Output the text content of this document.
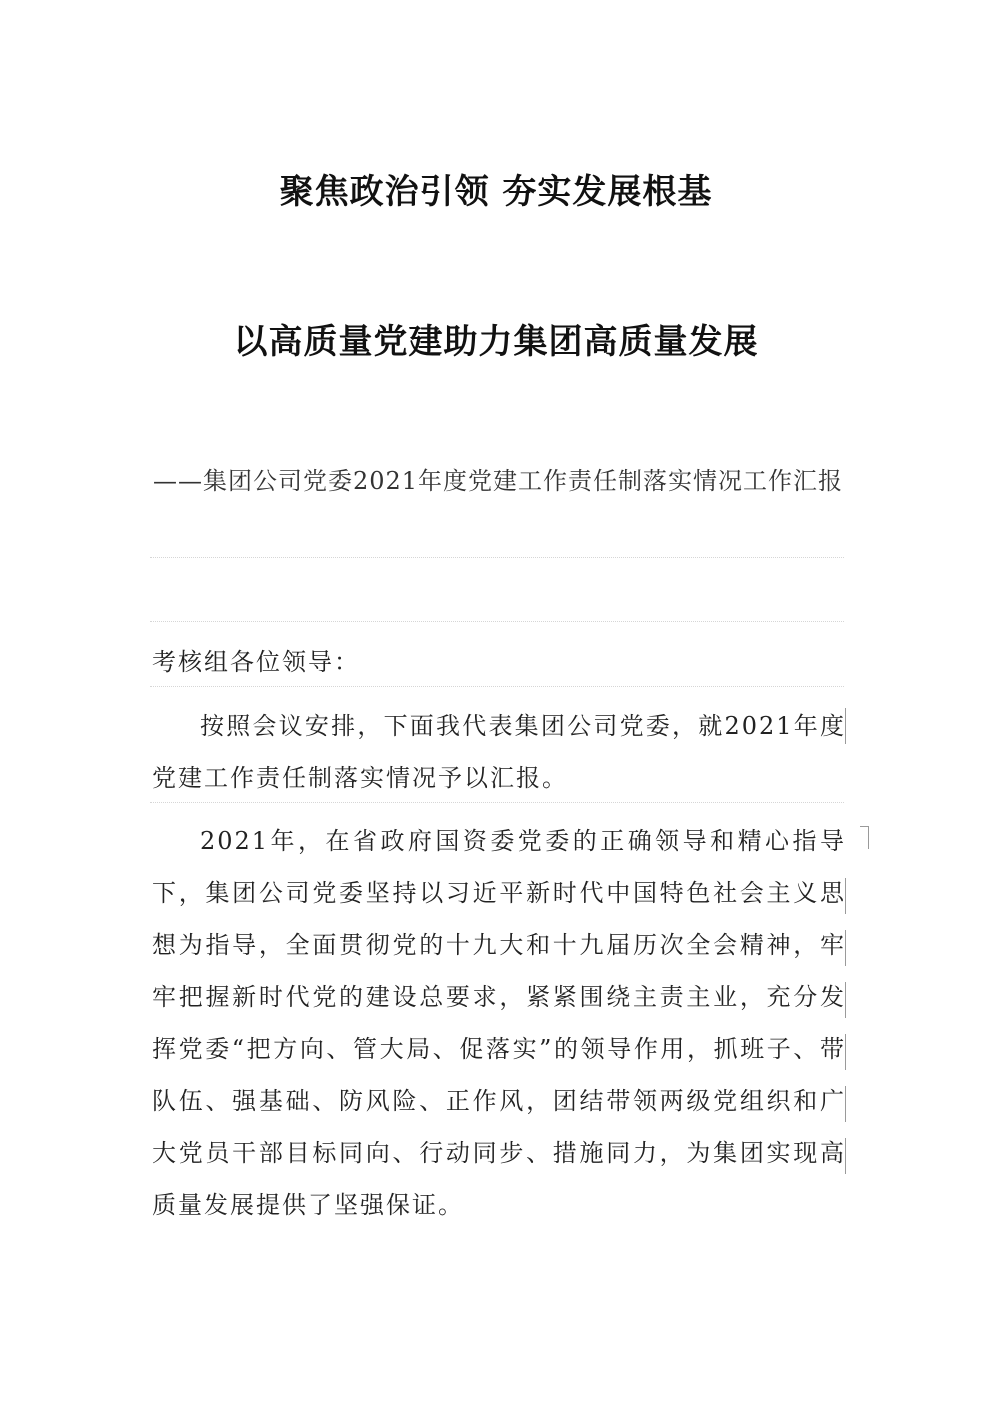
聚焦政治引领 夯实发展根基
以高质量党建助力集团高质量发展
——集团公司党委2021年度党建工作责任制落实情况工作汇报
考核组各位领导：

按照会议安排，下面我代表集团公司党委，就2021年度党建工作责任制落实情况予以汇报。

2021年，在省政府国资委党委的正确领导和精心指导下，集团公司党委坚持以习近平新时代中国特色社会主义思想为指导，全面贯彻党的十九大和十九届历次全会精神，牢牢把握新时代党的建设总要求，紧紧围绕主责主业，充分发挥党委“把方向、管大局、促落实”的领导作用，抓班子、带队伍、强基础、防风险、正作风，团结带领两级党组织和广大党员干部目标同向、行动同步、措施同力，为集团实现高质量发展提供了坚强保证。
